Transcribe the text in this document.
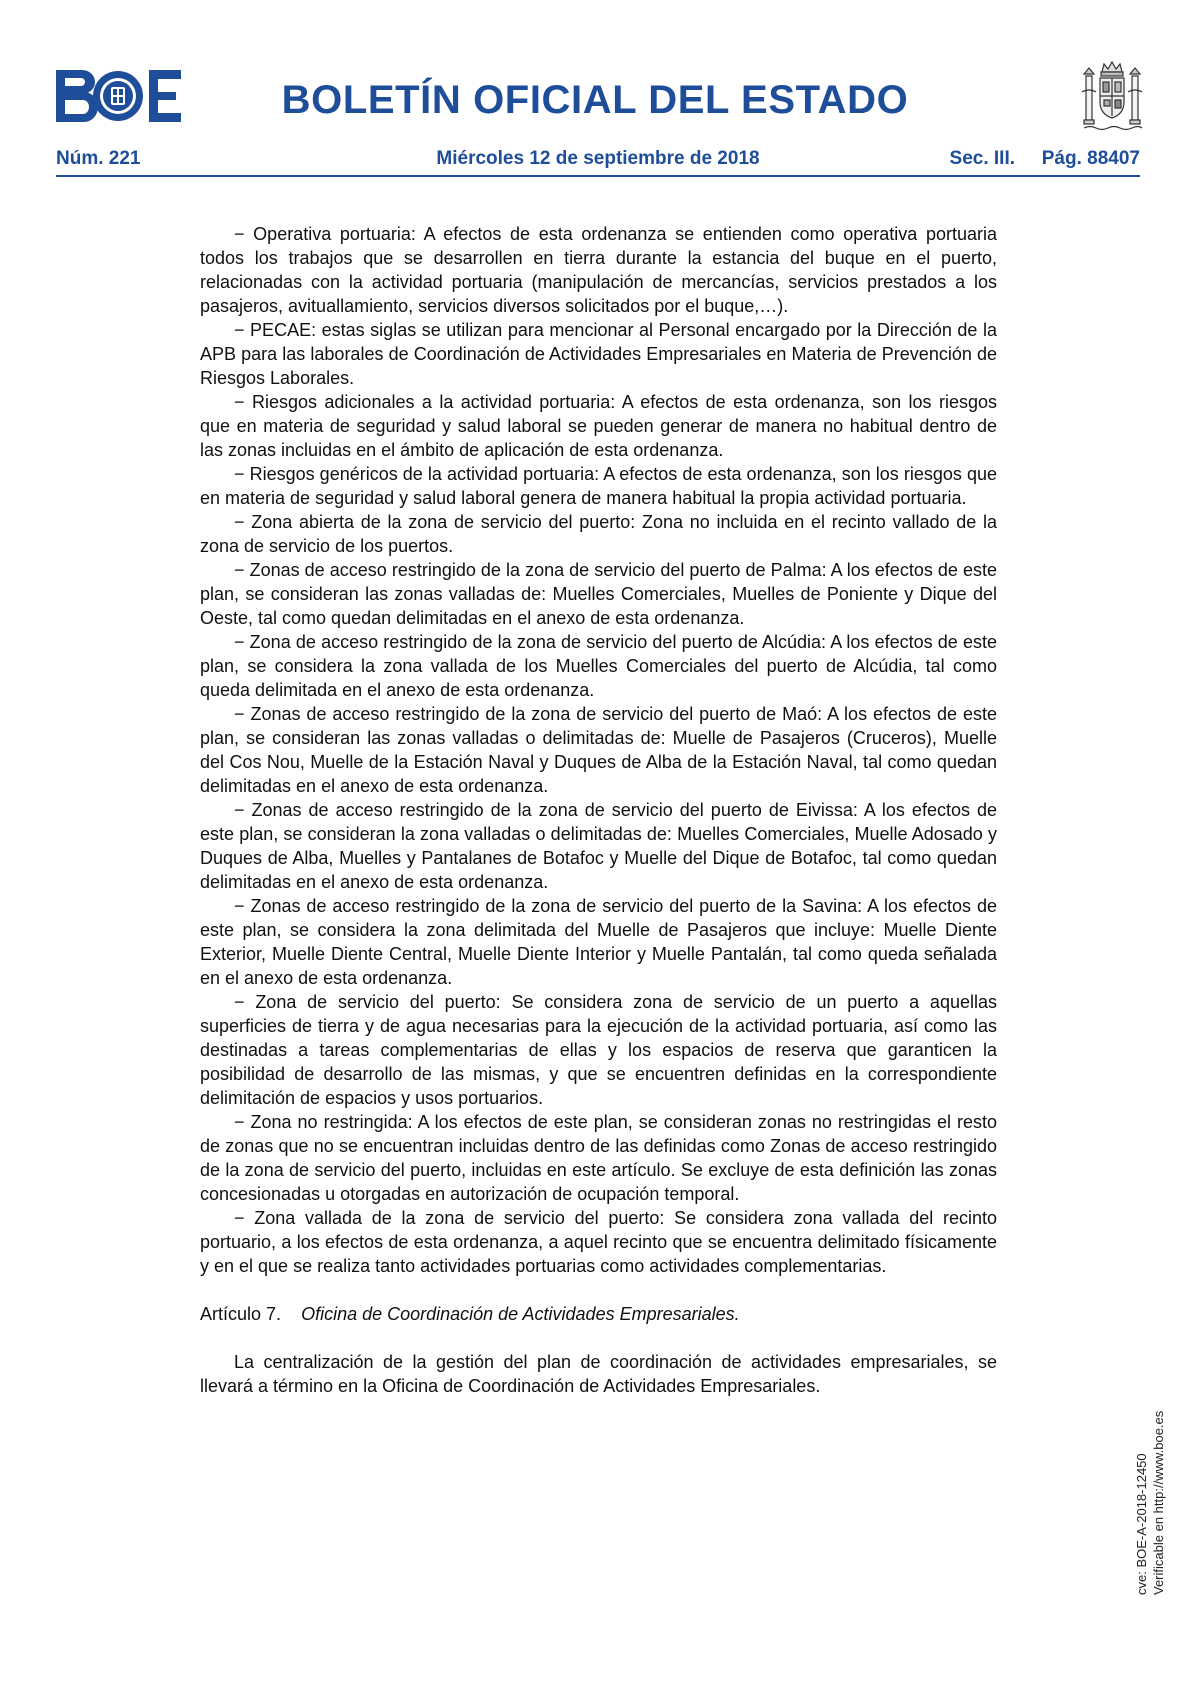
BOLETÍN OFICIAL DEL ESTADO
Núm. 221	Miércoles 12 de septiembre de 2018	Sec. III. Pág. 88407

− Operativa portuaria: A efectos de esta ordenanza se entienden como operativa portuaria todos los trabajos que se desarrollen en tierra durante la estancia del buque en el puerto, relacionadas con la actividad portuaria (manipulación de mercancías, servicios prestados a los pasajeros, avituallamiento, servicios diversos solicitados por el buque,…).

− PECAE: estas siglas se utilizan para mencionar al Personal encargado por la Dirección de la APB para las laborales de Coordinación de Actividades Empresariales en Materia de Prevención de Riesgos Laborales.

− Riesgos adicionales a la actividad portuaria: A efectos de esta ordenanza, son los riesgos que en materia de seguridad y salud laboral se pueden generar de manera no habitual dentro de las zonas incluidas en el ámbito de aplicación de esta ordenanza.

− Riesgos genéricos de la actividad portuaria: A efectos de esta ordenanza, son los riesgos que en materia de seguridad y salud laboral genera de manera habitual la propia actividad portuaria.

− Zona abierta de la zona de servicio del puerto: Zona no incluida en el recinto vallado de la zona de servicio de los puertos.

− Zonas de acceso restringido de la zona de servicio del puerto de Palma: A los efectos de este plan, se consideran las zonas valladas de: Muelles Comerciales, Muelles de Poniente y Dique del Oeste, tal como quedan delimitadas en el anexo de esta ordenanza.

− Zona de acceso restringido de la zona de servicio del puerto de Alcúdia: A los efectos de este plan, se considera la zona vallada de los Muelles Comerciales del puerto de Alcúdia, tal como queda delimitada en el anexo de esta ordenanza.

− Zonas de acceso restringido de la zona de servicio del puerto de Maó: A los efectos de este plan, se consideran las zonas valladas o delimitadas de: Muelle de Pasajeros (Cruceros), Muelle del Cos Nou, Muelle de la Estación Naval y Duques de Alba de la Estación Naval, tal como quedan delimitadas en el anexo de esta ordenanza.

− Zonas de acceso restringido de la zona de servicio del puerto de Eivissa: A los efectos de este plan, se consideran la zona valladas o delimitadas de: Muelles Comerciales, Muelle Adosado y Duques de Alba, Muelles y Pantalanes de Botafoc y Muelle del Dique de Botafoc, tal como quedan delimitadas en el anexo de esta ordenanza.

− Zonas de acceso restringido de la zona de servicio del puerto de la Savina: A los efectos de este plan, se considera la zona delimitada del Muelle de Pasajeros que incluye: Muelle Diente Exterior, Muelle Diente Central, Muelle Diente Interior y Muelle Pantalán, tal como queda señalada en el anexo de esta ordenanza.

− Zona de servicio del puerto: Se considera zona de servicio de un puerto a aquellas superficies de tierra y de agua necesarias para la ejecución de la actividad portuaria, así como las destinadas a tareas complementarias de ellas y los espacios de reserva que garanticen la posibilidad de desarrollo de las mismas, y que se encuentren definidas en la correspondiente delimitación de espacios y usos portuarios.

− Zona no restringida: A los efectos de este plan, se consideran zonas no restringidas el resto de zonas que no se encuentran incluidas dentro de las definidas como Zonas de acceso restringido de la zona de servicio del puerto, incluidas en este artículo. Se excluye de esta definición las zonas concesionadas u otorgadas en autorización de ocupación temporal.

− Zona vallada de la zona de servicio del puerto: Se considera zona vallada del recinto portuario, a los efectos de esta ordenanza, a aquel recinto que se encuentra delimitado físicamente y en el que se realiza tanto actividades portuarias como actividades complementarias.

Artículo 7. Oficina de Coordinación de Actividades Empresariales.

La centralización de la gestión del plan de coordinación de actividades empresariales, se llevará a término en la Oficina de Coordinación de Actividades Empresariales.

cve: BOE-A-2018-12450 Verificable en http://www.boe.es
